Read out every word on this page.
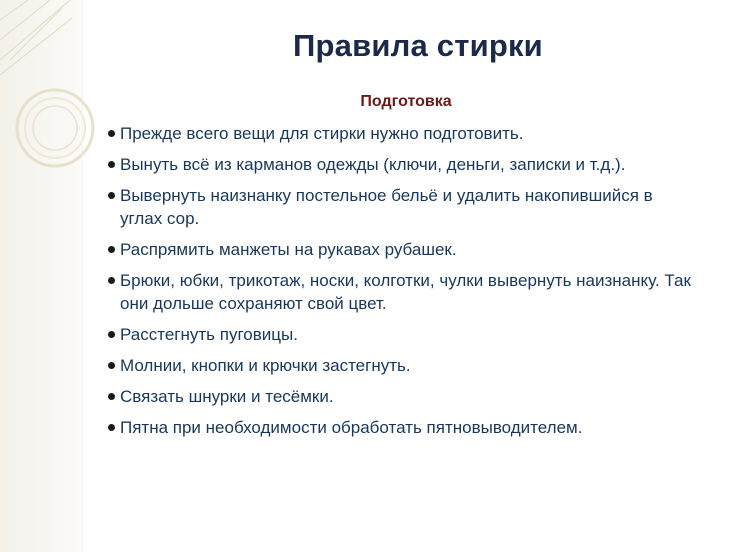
Правила стирки
Подготовка
Прежде всего вещи для стирки нужно подготовить.
Вынуть всё из карманов одежды (ключи, деньги, записки и т.д.).
Вывернуть наизнанку постельное бельё и удалить накопившийся в углах сор.
Распрямить манжеты на рукавах рубашек.
Брюки, юбки, трикотаж, носки, колготки, чулки вывернуть наизнанку. Так они дольше сохраняют свой цвет.
Расстегнуть пуговицы.
Молнии, кнопки и крючки застегнуть.
Связать шнурки и тесёмки.
Пятна при необходимости обработать пятновыводителем.
